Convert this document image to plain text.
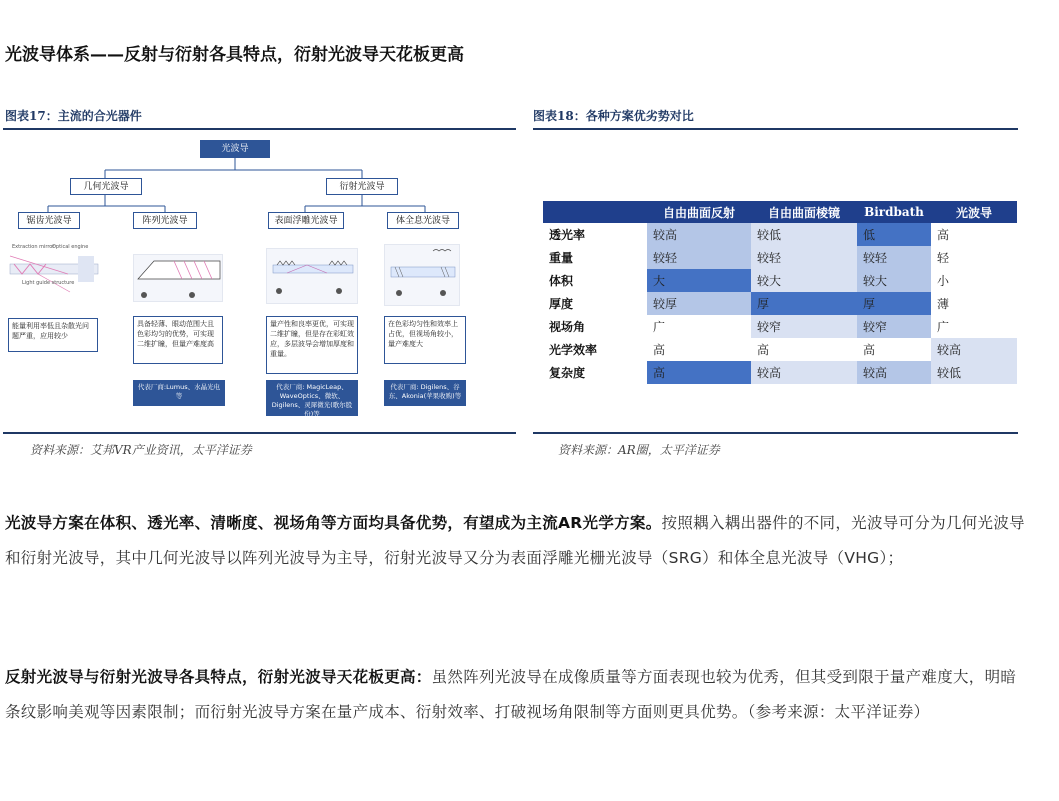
光波导体系——反射与衍射各具特点，衍射光波导天花板更高
图表17：主流的合光器件
光波导
几何光波导	衍射光波导
锯齿光波导	阵列光波导	表面浮雕光波导	体全息光波导
Extraction mirror
Optical engine
Light guide structure
能量利用率低且杂散光问题严重，应用较少
具备轻薄、眼动范围大且色彩均匀的优势，可实现二维扩瞳，但量产难度高
量产性和良率更优，可实现二维扩瞳，但是存在彩虹效应，多层波导会增加厚度和重量。
在色彩均匀性和效率上占优，但视场角较小，量产难度大
代表厂商:Lumus、水晶光电等
代表厂商: MagicLeap、WaveOptics、微软、Digilens、灵犀微光(歌尔股份)等
代表厂商: Digilens、谷东、Akonia(苹果收购)等
资料来源：艾邦VR产业资讯，太平洋证券
图表18：各种方案优劣势对比
	自由曲面反射	自由曲面棱镜	Birdbath	光波导
透光率	较高	较低	低	高
重量	较轻	较轻	较轻	轻
体积	大	较大	较大	小
厚度	较厚	厚	厚	薄
视场角	广	较窄	较窄	广
光学效率	高	高	高	较高
复杂度	高	较高	较高	较低
资料来源：AR圈，太平洋证券
光波导方案在体积、透光率、清晰度、视场角等方面均具备优势，有望成为主流AR光学方案。按照耦入耦出器件的不同，光波导可分为几何光波导和衍射光波导，其中几何光波导以阵列光波导为主导，衍射光波导又分为表面浮雕光栅光波导（SRG）和体全息光波导（VHG）；
反射光波导与衍射光波导各具特点，衍射光波导天花板更高：虽然阵列光波导在成像质量等方面表现也较为优秀，但其受到限于量产难度大，明暗条纹影响美观等因素限制；而衍射光波导方案在量产成本、衍射效率、打破视场角限制等方面则更具优势。（参考来源：太平洋证券）
